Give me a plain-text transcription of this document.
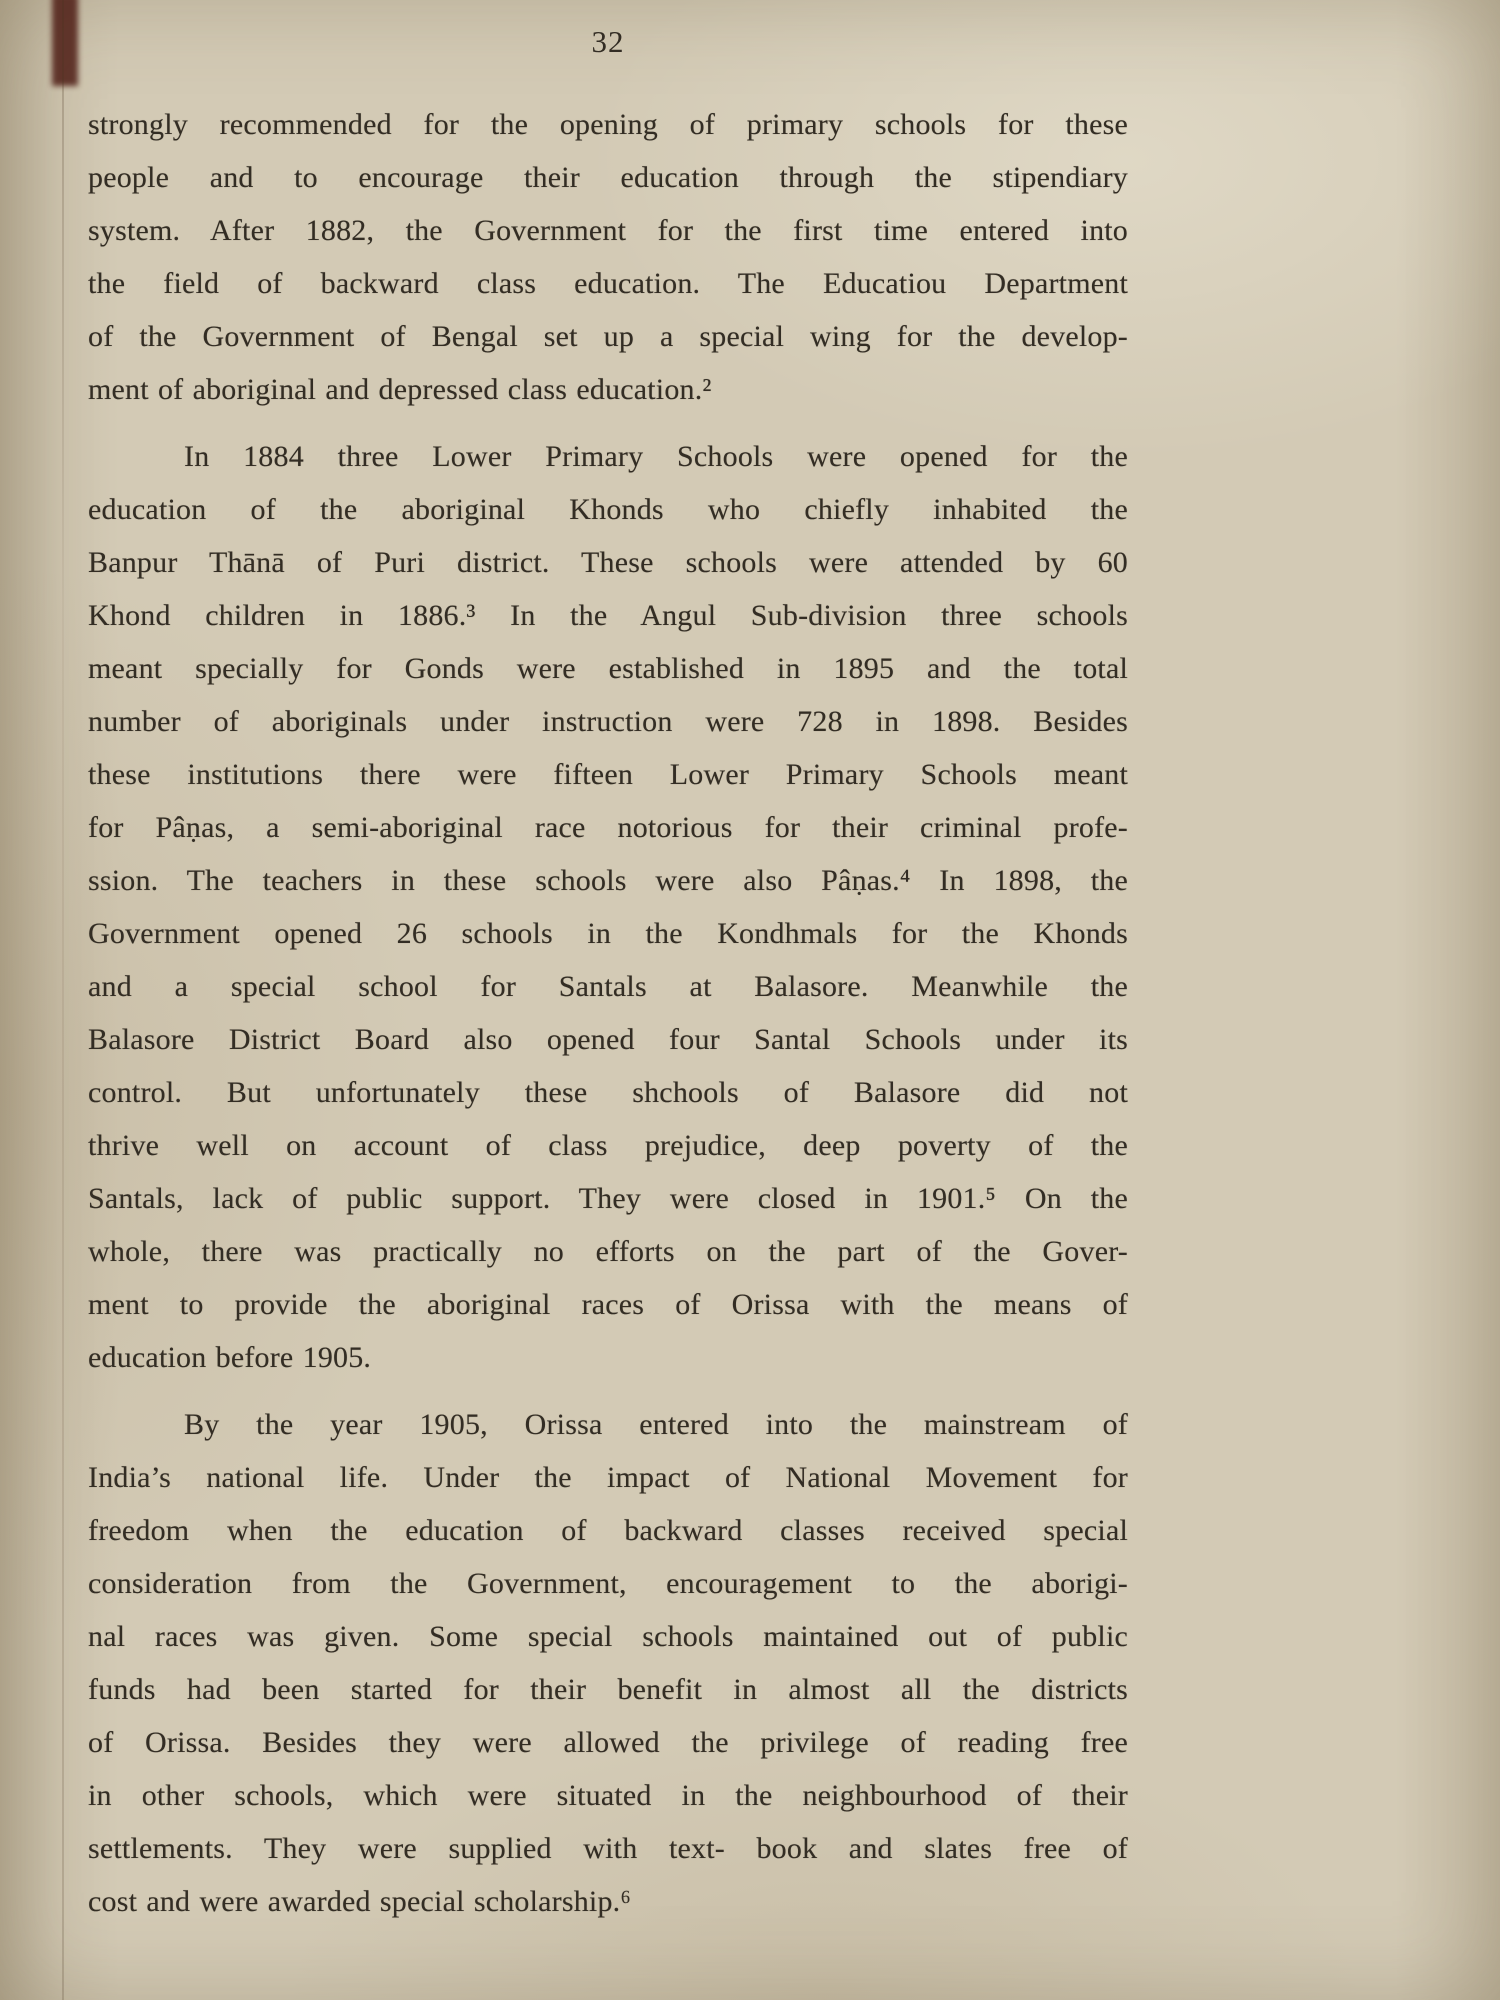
32
strongly recommended for the opening of primary schools for these
people and to encourage their education through the stipendiary
system. After 1882, the Government for the first time entered into
the field of backward class education. The Educatiou Department
of the Government of Bengal set up a special wing for the develop-
ment of aboriginal and depressed class education.²
In 1884 three Lower Primary Schools were opened for the
education of the aboriginal Khonds who chiefly inhabited the
Banpur Thānā of Puri district. These schools were attended by 60
Khond children in 1886.³ In the Angul Sub-division three schools
meant specially for Gonds were established in 1895 and the total
number of aboriginals under instruction were 728 in 1898. Besides
these institutions there were fifteen Lower Primary Schools meant
for Pâṇas, a semi-aboriginal race notorious for their criminal profe-
ssion. The teachers in these schools were also Pâṇas.⁴ In 1898, the
Government opened 26 schools in the Kondhmals for the Khonds
and a special school for Santals at Balasore. Meanwhile the
Balasore District Board also opened four Santal Schools under its
control. But unfortunately these shchools of Balasore did not
thrive well on account of class prejudice, deep poverty of the
Santals, lack of public support. They were closed in 1901.⁵ On the
whole, there was practically no efforts on the part of the Gover-
ment to provide the aboriginal races of Orissa with the means of
education before 1905.
By the year 1905, Orissa entered into the mainstream of
India’s national life. Under the impact of National Movement for
freedom when the education of backward classes received special
consideration from the Government, encouragement to the aborigi-
nal races was given. Some special schools maintained out of public
funds had been started for their benefit in almost all the districts
of Orissa. Besides they were allowed the privilege of reading free
in other schools, which were situated in the neighbourhood of their
settlements. They were supplied with text- book and slates free of
cost and were awarded special scholarship.⁶
